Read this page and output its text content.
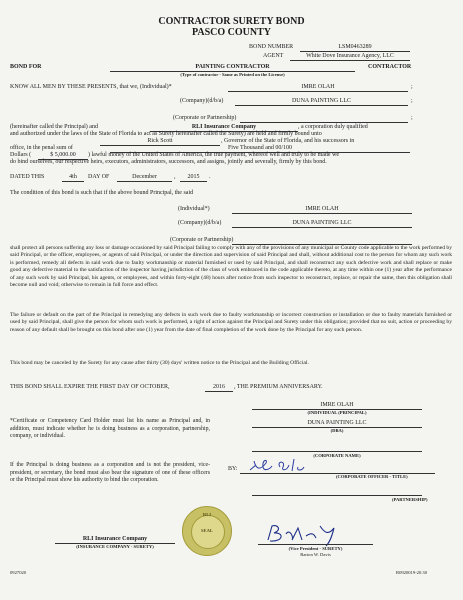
CONTRACTOR SURETY BOND
PASCO COUNTY
BOND NUMBER	LSM0463289
AGENT	White Dove Insurance Agency, LLC
BOND FOR	PAINTING CONTRACTOR	CONTRACTOR
(Type of contractor - Same as Printed on the License)
KNOW ALL MEN BY THESE PRESENTS, that we, (Individual)*	IMRE OLAH	;
(Company)(d/b/a)	DUNA PAINTING LLC	;
(Corporate or Partnership)	;
(hereinafter called the Principal) and	RLI Insurance Company	, a corporation duly qualified
and authorized under the laws of the State of Florida to act as Surety hereinafter called the Surety) are held and firmly bound unto
Rick Scott	, Governor of the State of Florida, and his successors in
office, in the penal sum of	Five Thousand and 00/100
Dollars (	$ 5,000.00	) lawful money of the United States of America, the true payment, whereof well and truly to be made we
do bind ourselves, our respective heirs, executors, administrators, successors, and assigns, jointly and severally, firmly by this bond.
DATED THIS	4th	DAY OF	December	,	2015	.
The condition of this bond is such that if the above bound Principal, the said
(Individual*)	IMRE OLAH
(Company)(d/b/a)	DUNA PAINTING LLC
(Corporate or Partnership)
shall protect all persons suffering any loss or damage occasioned by said Principal failing to comply with any of the provisions of any municipal or County code applicable to the work performed by said Principal, or the officer, employees, or agents of said Principal, or under the direction and supervision of said Principal and shall, without additional cost to the person for whom any such work is performed, remedy all defects in said work due to faulty workmanship or material furnished or used by said Principal, and shall reconstruct any such defective work and shall replace or make good any defective material to the satisfaction of the inspector having jurisdiction of the class of work embraced in the code applicable thereto, at any time within one (1) year after the performance of any such work by said Principal, his agents, or employees, and within forty-eight (48) hours after notice from such inspector to reconstruct, replace, or repair the same, then this obligation shall become null and void; otherwise to remain in full force and effect.
The failure or default on the part of the Principal in remedying any defects in such work due to faulty workmanship or incorrect construction or installation or due to faulty materials furnished or used by said Principal, shall give the person for whom such work is performed, a right of action against the Principal and Surety under this obligation; provided that no suit, action or proceeding by reason of any default shall be brought on this bond after one (1) year from the date of final completion of the work done by the Principal for any such person.
This bond may be canceled by the Surety for any cause after thirty (30) days' written notice to the Principal and the Building Official.
THIS BOND SHALL EXPIRE THE FIRST DAY OF OCTOBER,	2016	, THE PREMIUM ANNIVERSARY.
IMRE OLAH
(INDIVIDUAL (PRINCIPAL)
DUNA PAINTING LLC
(DBA)
(CORPORATE NAME)
BY:
(CORPORATE OFFICER - TITLE)
(PARTNERSHIP)
*Certificate or Competency Card Holder must list his name as Principal and, in addition, must indicate whether he is doing business as a corporation, partnership, company, or individual.
If the Principal is doing business as a corporation and is not the president, vice-president, or secretary, the bond must also bear the signature of one of these officers or the Principal must show his authority to bind the corporation.
RLI Insurance Company
(INSURANCE COMPANY - SURETY)
RLI
SEAL
(Vice President - SURETY)
Barton W. Davis
0927020	R0920019-20.30
